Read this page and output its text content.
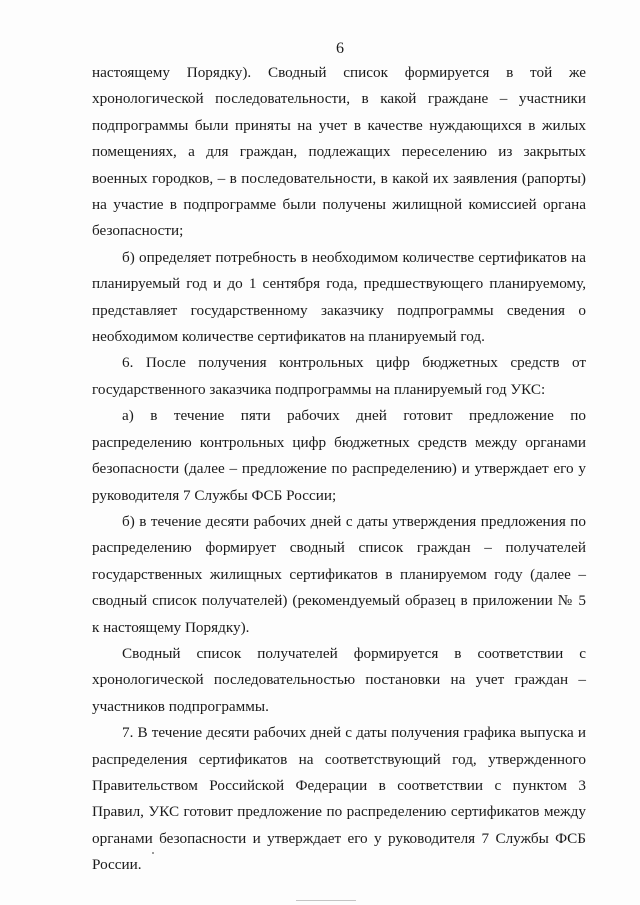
6

настоящему Порядку). Сводный список формируется в той же хронологической последовательности, в какой граждане – участники подпрограммы были приняты на учет в качестве нуждающихся в жилых помещениях, а для граждан, подлежащих переселению из закрытых военных городков, – в последовательности, в какой их заявления (рапорты) на участие в подпрограмме были получены жилищной комиссией органа безопасности;

б) определяет потребность в необходимом количестве сертификатов на планируемый год и до 1 сентября года, предшествующего планируемому, представляет государственному заказчику подпрограммы сведения о необходимом количестве сертификатов на планируемый год.

6. После получения контрольных цифр бюджетных средств от государственного заказчика подпрограммы на планируемый год УКС:

а) в течение пяти рабочих дней готовит предложение по распределению контрольных цифр бюджетных средств между органами безопасности (далее – предложение по распределению) и утверждает его у руководителя 7 Службы ФСБ России;

б) в течение десяти рабочих дней с даты утверждения предложения по распределению формирует сводный список граждан – получателей государственных жилищных сертификатов в планируемом году (далее – сводный список получателей) (рекомендуемый образец в приложении № 5 к настоящему Порядку).

Сводный список получателей формируется в соответствии с хронологической последовательностью постановки на учет граждан – участников подпрограммы.

7. В течение десяти рабочих дней с даты получения графика выпуска и распределения сертификатов на соответствующий год, утвержденного Правительством Российской Федерации в соответствии с пунктом 3 Правил, УКС готовит предложение по распределению сертификатов между органами безопасности и утверждает его у руководителя 7 Службы ФСБ России.
